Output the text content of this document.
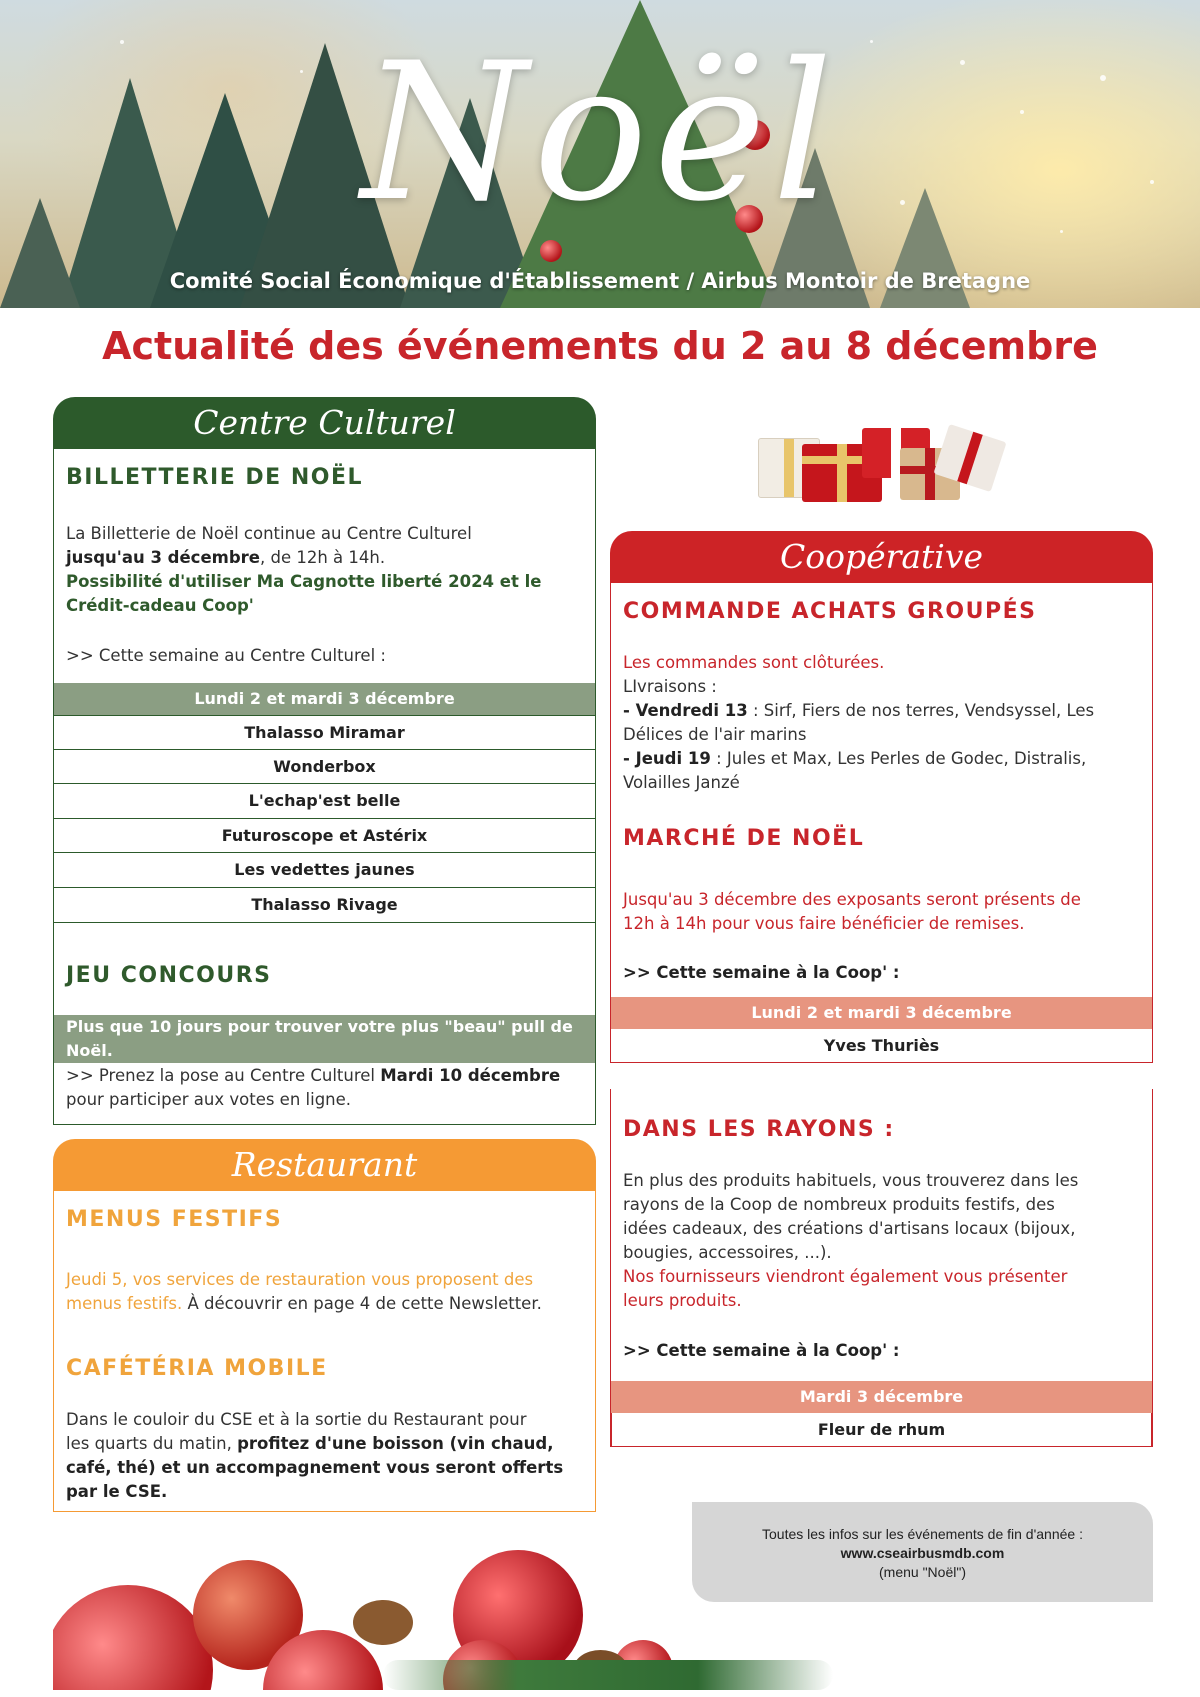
Noël
Comité Social Économique d'Établissement / Airbus Montoir de Bretagne
Actualité des événements du 2 au 8 décembre
Centre Culturel
BILLETTERIE DE NOËL
La Billetterie de Noël continue au Centre Culturel
jusqu'au 3 décembre, de 12h à 14h.
Possibilité d'utiliser Ma Cagnotte liberté 2024 et le
Crédit-cadeau Coop'
>> Cette semaine au Centre Culturel :
Lundi 2 et mardi 3 décembre
Thalasso Miramar
Wonderbox
L'echap'est belle
Futuroscope et Astérix
Les vedettes jaunes
Thalasso Rivage
JEU CONCOURS
Plus que 10 jours pour trouver votre plus "beau" pull de
Noël.
>> Prenez la pose au Centre Culturel Mardi 10 décembre
pour participer aux votes en ligne.
Restaurant
MENUS FESTIFS
Jeudi 5, vos services de restauration vous proposent des
menus festifs. À découvrir en page 4 de cette Newsletter.
CAFÉTÉRIA MOBILE
Dans le couloir du CSE et à la sortie du Restaurant pour
les quarts du matin, profitez d'une boisson (vin chaud,
café, thé) et un accompagnement vous seront offerts
par le CSE.
Coopérative
COMMANDE ACHATS GROUPÉS
Les commandes sont clôturées.
LIvraisons :
- Vendredi 13 : Sirf, Fiers de nos terres, Vendsyssel, Les
Délices de l'air marins
- Jeudi 19 : Jules et Max, Les Perles de Godec, Distralis,
Volailles Janzé
MARCHÉ DE NOËL
Jusqu'au 3 décembre des exposants seront présents de
12h à 14h pour vous faire bénéficier de remises.
>> Cette semaine à la Coop' :
Lundi 2 et mardi 3 décembre
Yves Thuriès
DANS LES RAYONS :
En plus des produits habituels, vous trouverez dans les
rayons de la Coop de nombreux produits festifs, des
idées cadeaux, des créations d'artisans locaux (bijoux,
bougies, accessoires, ...).
Nos fournisseurs viendront également vous présenter
leurs produits.
>> Cette semaine à la Coop' :
Mardi 3 décembre
Fleur de rhum
Toutes les infos sur les événements de fin d'année :
www.cseairbusmdb.com
(menu "Noël")
